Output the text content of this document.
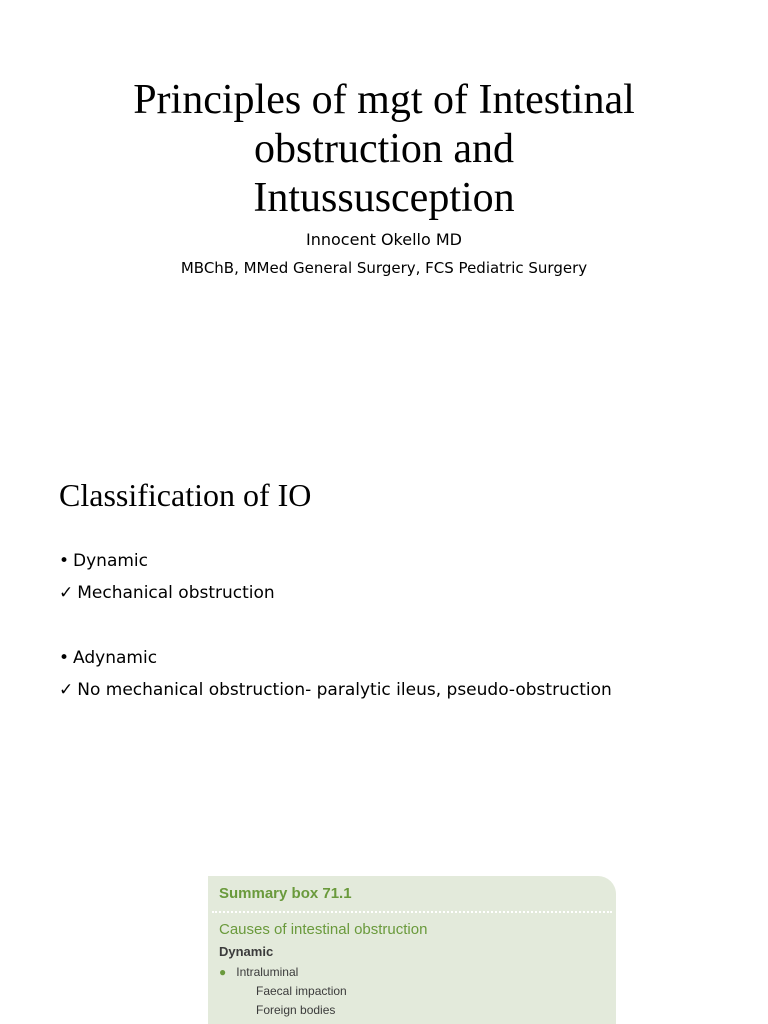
Principles of mgt of Intestinal
obstruction and
Intussusception
Innocent Okello MD
MBChB, MMed General Surgery, FCS Pediatric Surgery
Classification of IO
• Dynamic
✓ Mechanical obstruction
• Adynamic
✓ No mechanical obstruction- paralytic ileus, pseudo-obstruction
Summary box 71.1
Causes of intestinal obstruction
Dynamic
● Intraluminal
Faecal impaction
Foreign bodies
